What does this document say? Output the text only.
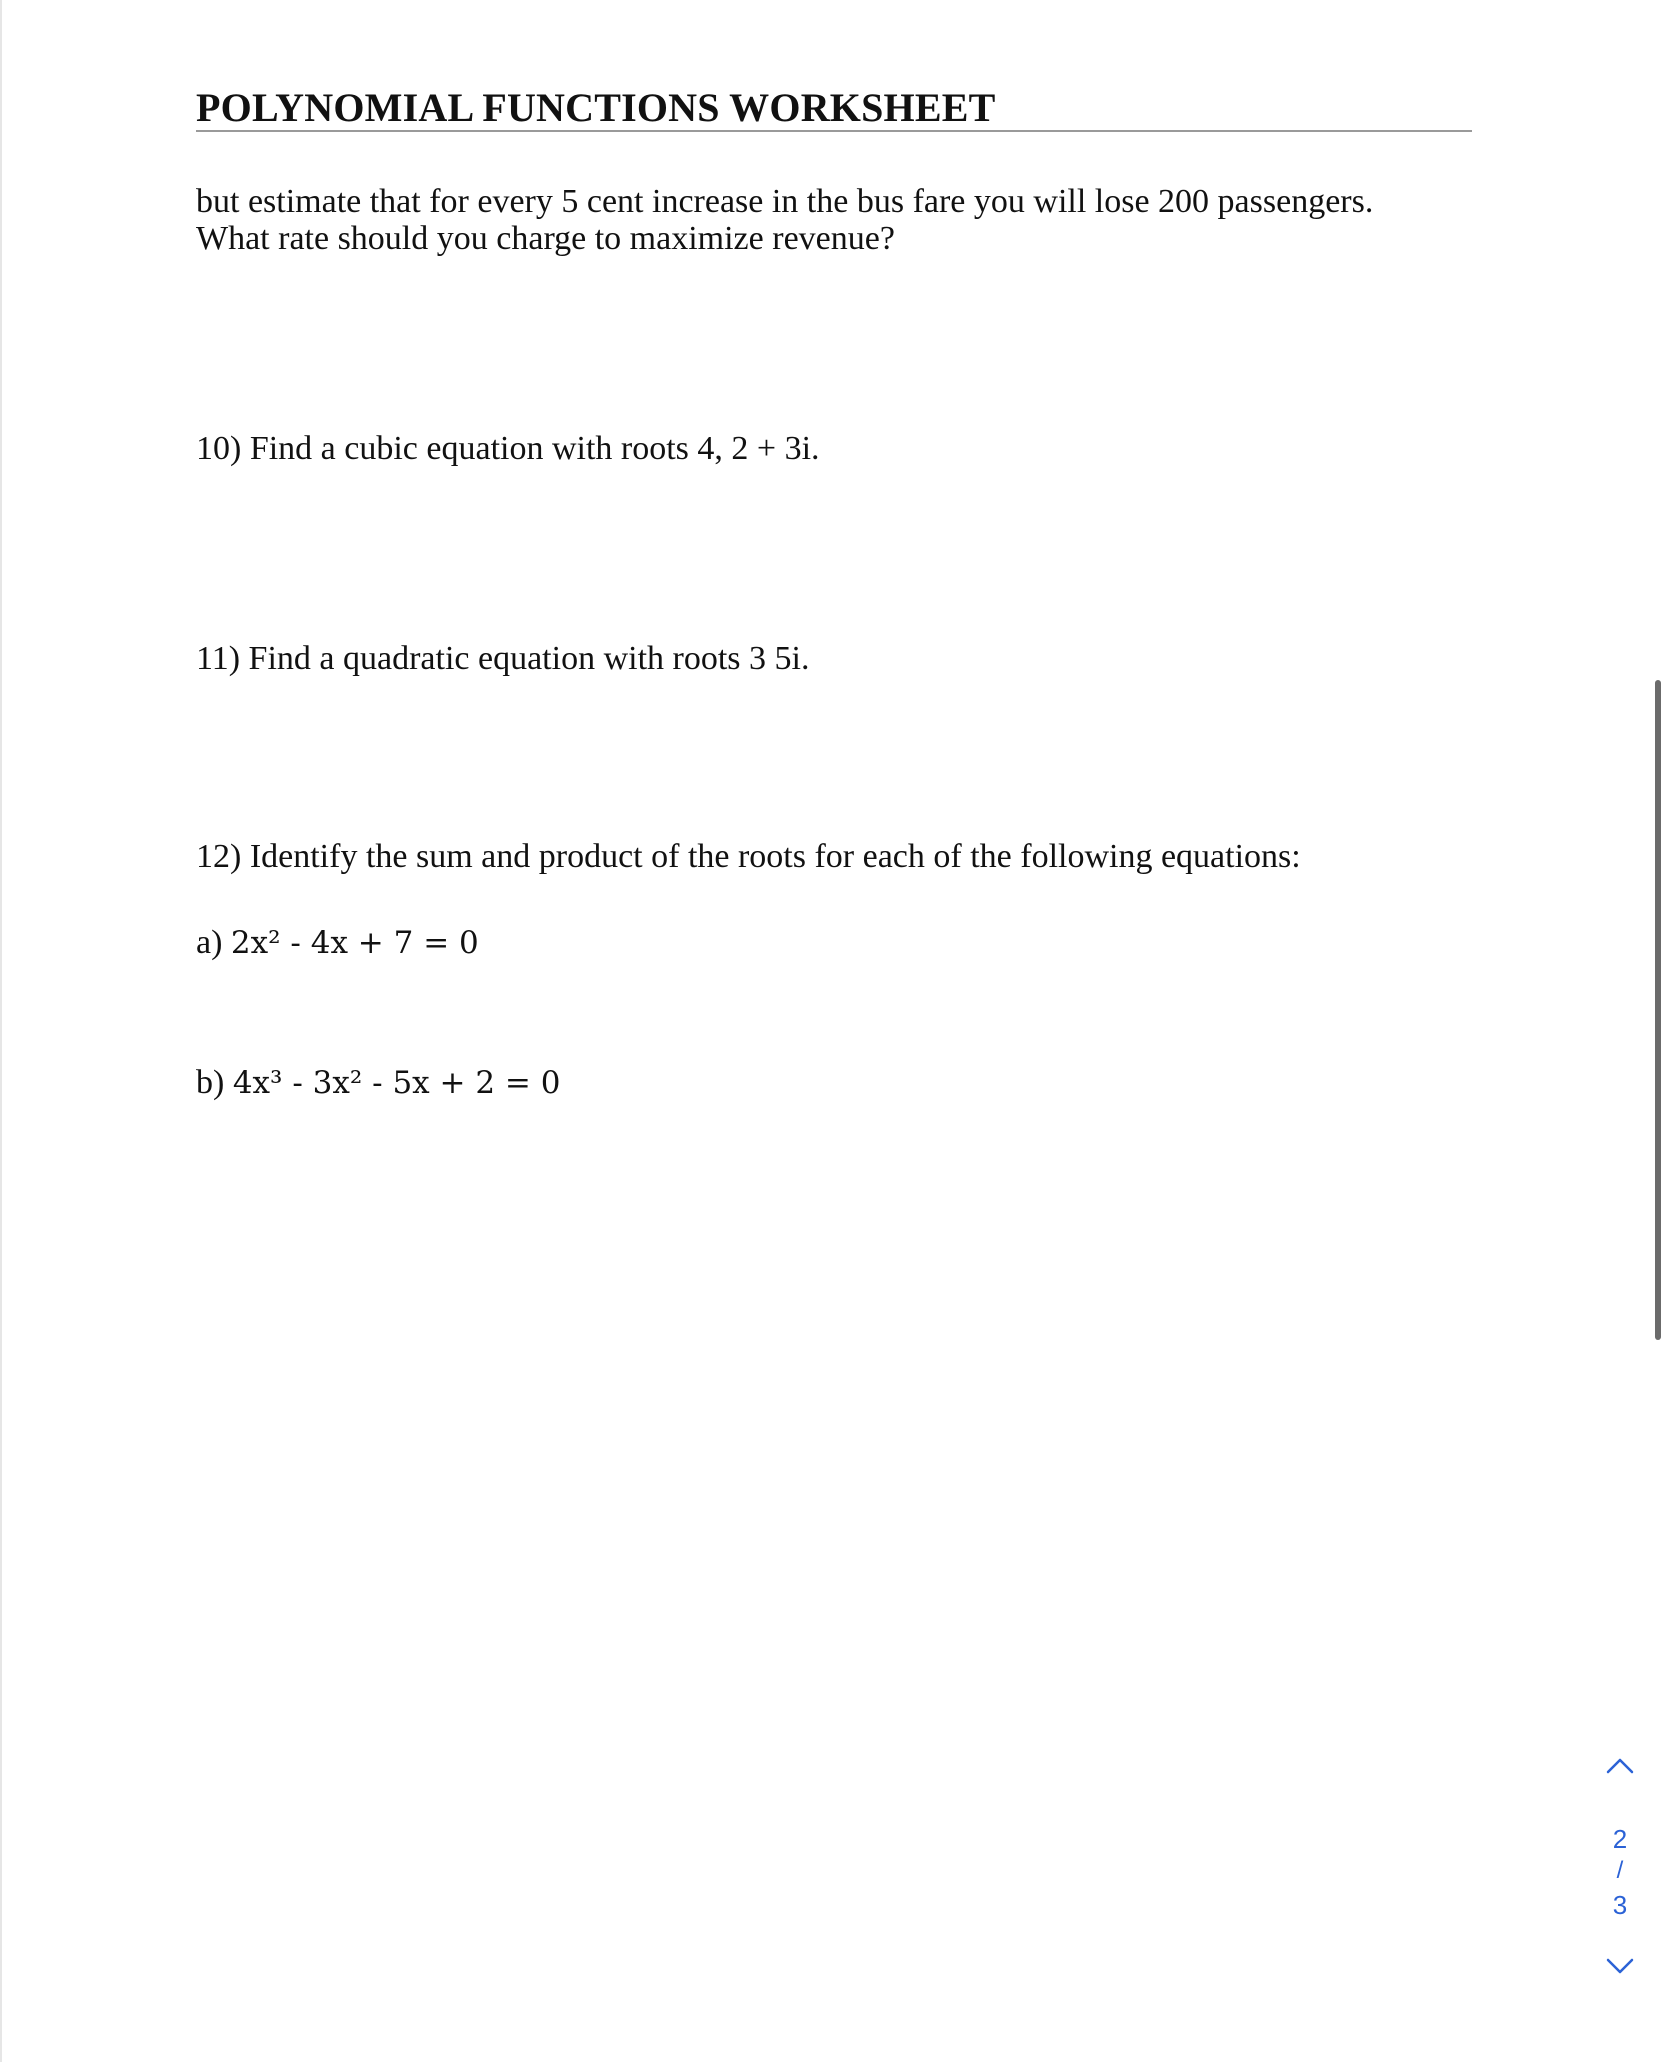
POLYNOMIAL FUNCTIONS WORKSHEET

but estimate that for every 5 cent increase in the bus fare you will lose 200 passengers.

What rate should you charge to maximize revenue?

10) Find a cubic equation with roots 4, 2 + 3i.

11) Find a quadratic equation with roots 3 5i.

12) Identify the sum and product of the roots for each of the following equations:

a) 2x² - 4x + 7 = 0

b) 4x³ - 3x² - 5x + 2 = 0

2
/
3
